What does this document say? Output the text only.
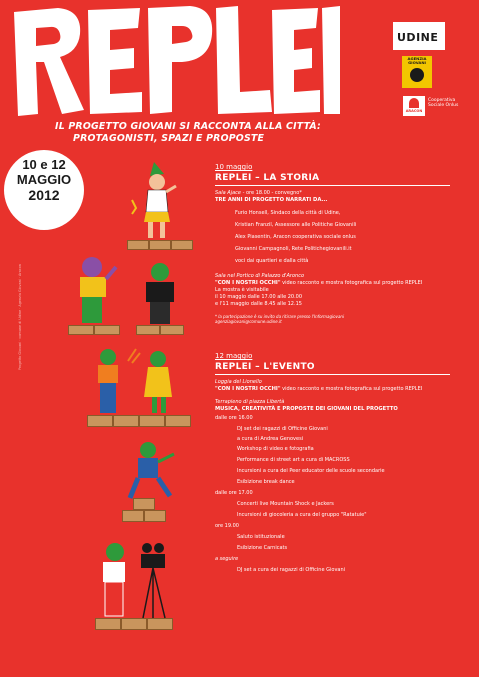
UDINE
AGENZIA GIOVANI
ARACON
Cooperativa Sociale Onlus
IL PROGETTO GIOVANI SI RACCONTA ALLA CITTÀ:
PROTAGONISTI, SPAZI E PROPOSTE
10 e 12
MAGGIO
2012
Progetto Giovani · comune di Udine · Agenzia Giovani · Aracon
10 maggio
REPLEI – LA STORIA
Sala Ajace - ore 18.00 - convegno*
TRE ANNI DI PROGETTO NARRATI DA...
Furio Honsell, Sindaco della città di Udine,
Kristian Franzil, Assessore alle Politiche Giovanili
Alex Piasentin, Aracon cooperativa sociale onlus
Giovanni Campagnoli, Rete Politichegiovanili.it
voci dai quartieri e dalla città
Sala nel Portico di Palazzo d'Aronco
"CON I NOSTRI OCCHI" video racconto e mostra fotografica sul progetto REPLEI
La mostra è visitabile
il 10 maggio dalle 17.00 alle 20.00
e l'11 maggio dalle 8.45 alle 12.15
* la partecipazione è su invito da ritirare presso l'Informagiovani
agenziagiovani@comune.udine.it
12 maggio
REPLEI – L'EVENTO
Loggia del Lionello
"CON I NOSTRI OCCHI" video racconto e mostra fotografica sul progetto REPLEI
Terrapieno di piazza Libertà
MUSICA, CREATIVITÀ E PROPOSTE DEI GIOVANI DEL PROGETTO
dalle ore 16.00
DJ set dei ragazzi di Officine Giovani
a cura di Andrea Genovesi
Workshop di video e fotografia
Performance di street art a cura di MACROSS
Incursioni a cura dei Peer educator delle scuole secondarie
Esibizione break dance
dalle ore 17.00
Concerti live Mountain Shock e Jackers
Incursioni di giocoleria a cura del gruppo "Ratatuie"
ore 19.00
Saluto istituzionale
Esibizione Carnicats
a seguire
DJ set a cura dei ragazzi di Officine Giovani
